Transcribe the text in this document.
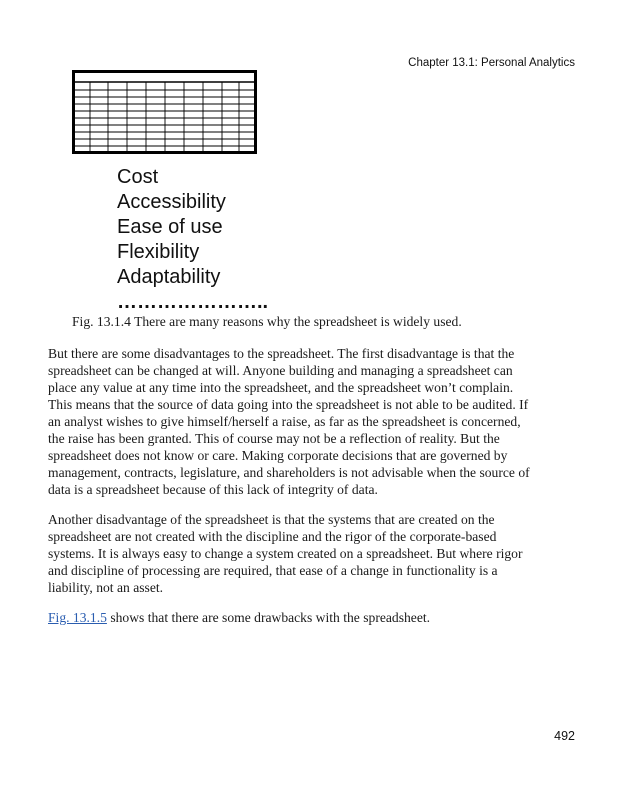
Chapter 13.1: Personal Analytics
Cost
Accessibility
Ease of use
Flexibility
Adaptability
…………………..
Fig. 13.1.4 There are many reasons why the spreadsheet is widely used.

But there are some disadvantages to the spreadsheet. The first disadvantage is that the
spreadsheet can be changed at will. Anyone building and managing a spreadsheet can
place any value at any time into the spreadsheet, and the spreadsheet won’t complain.
This means that the source of data going into the spreadsheet is not able to be audited. If
an analyst wishes to give himself/herself a raise, as far as the spreadsheet is concerned,
the raise has been granted. This of course may not be a reflection of reality. But the
spreadsheet does not know or care. Making corporate decisions that are governed by
management, contracts, legislature, and shareholders is not advisable when the source of
data is a spreadsheet because of this lack of integrity of data.

Another disadvantage of the spreadsheet is that the systems that are created on the
spreadsheet are not created with the discipline and the rigor of the corporate-based
systems. It is always easy to change a system created on a spreadsheet. But where rigor
and discipline of processing are required, that ease of a change in functionality is a
liability, not an asset.

Fig. 13.1.5 shows that there are some drawbacks with the spreadsheet.

492
